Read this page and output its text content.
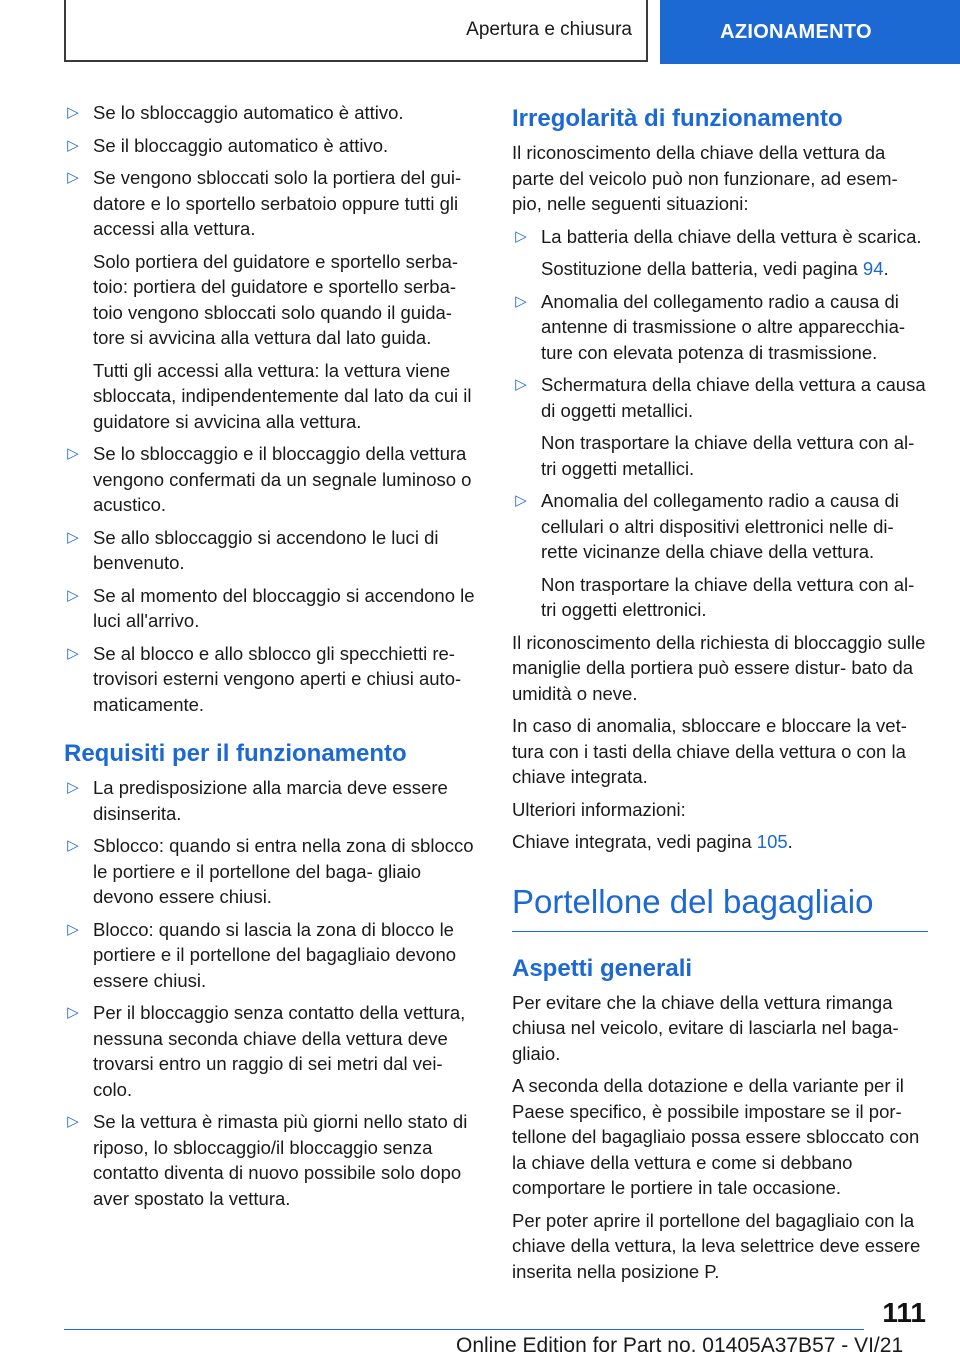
Apertura e chiusura	AZIONAMENTO
▷ Se lo sbloccaggio automatico è attivo.
▷ Se il bloccaggio automatico è attivo.
▷ Se vengono sbloccati solo la portiera del gui‐ datore e lo sportello serbatoio oppure tutti gli accessi alla vettura.
Solo portiera del guidatore e sportello serba‐ toio: portiera del guidatore e sportello serba‐ toio vengono sbloccati solo quando il guida‐ tore si avvicina alla vettura dal lato guida.
Tutti gli accessi alla vettura: la vettura viene sbloccata, indipendentemente dal lato da cui il guidatore si avvicina alla vettura.
▷ Se lo sbloccaggio e il bloccaggio della vettura vengono confermati da un segnale luminoso o acustico.
▷ Se allo sbloccaggio si accendono le luci di benvenuto.
▷ Se al momento del bloccaggio si accendono le luci all'arrivo.
▷ Se al blocco e allo sblocco gli specchietti re‐ trovisori esterni vengono aperti e chiusi auto‐ maticamente.
Requisiti per il funzionamento
▷ La predisposizione alla marcia deve essere disinserita.
▷ Sblocco: quando si entra nella zona di sblocco le portiere e il portellone del baga‐ gliaio devono essere chiusi.
▷ Blocco: quando si lascia la zona di blocco le portiere e il portellone del bagagliaio devono essere chiusi.
▷ Per il bloccaggio senza contatto della vettura, nessuna seconda chiave della vettura deve trovarsi entro un raggio di sei metri dal vei‐ colo.
▷ Se la vettura è rimasta più giorni nello stato di riposo, lo sbloccaggio/il bloccaggio senza contatto diventa di nuovo possibile solo dopo aver spostato la vettura.
Irregolarità di funzionamento
Il riconoscimento della chiave della vettura da parte del veicolo può non funzionare, ad esem‐ pio, nelle seguenti situazioni:
▷ La batteria della chiave della vettura è scarica.
Sostituzione della batteria, vedi pagina 94.
▷ Anomalia del collegamento radio a causa di antenne di trasmissione o altre apparecchia‐ ture con elevata potenza di trasmissione.
▷ Schermatura della chiave della vettura a causa di oggetti metallici.
Non trasportare la chiave della vettura con al‐ tri oggetti metallici.
▷ Anomalia del collegamento radio a causa di cellulari o altri dispositivi elettronici nelle di‐ rette vicinanze della chiave della vettura.
Non trasportare la chiave della vettura con al‐ tri oggetti elettronici.
Il riconoscimento della richiesta di bloccaggio sulle maniglie della portiera può essere distur‐ bato da umidità o neve.
In caso di anomalia, sbloccare e bloccare la vet‐ tura con i tasti della chiave della vettura o con la chiave integrata.
Ulteriori informazioni:
Chiave integrata, vedi pagina 105.
Portellone del bagagliaio
Aspetti generali
Per evitare che la chiave della vettura rimanga chiusa nel veicolo, evitare di lasciarla nel baga‐ gliaio.
A seconda della dotazione e della variante per il Paese specifico, è possibile impostare se il por‐ tellone del bagagliaio possa essere sbloccato con la chiave della vettura e come si debbano comportare le portiere in tale occasione.
Per poter aprire il portellone del bagagliaio con la chiave della vettura, la leva selettrice deve essere inserita nella posizione P.
111
Online Edition for Part no. 01405A37B57 - VI/21
